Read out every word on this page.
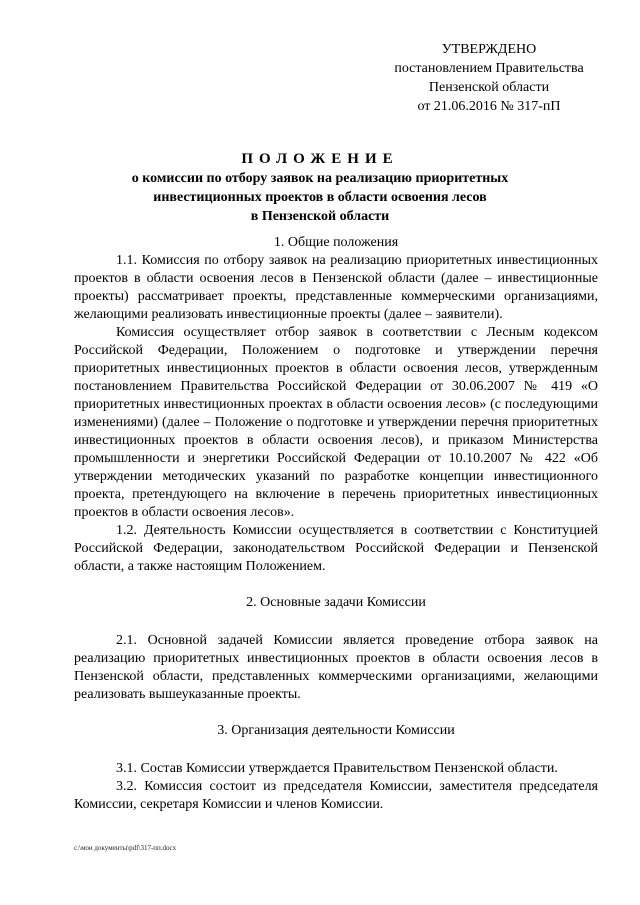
УТВЕРЖДЕНО
постановлением Правительства
Пензенской области
от 21.06.2016 № 317-пП
ПОЛОЖЕНИЕ
о комиссии по отбору заявок на реализацию приоритетных
инвестиционных проектов в области освоения лесов
в Пензенской области
1. Общие положения

1.1. Комиссия по отбору заявок на реализацию приоритетных инвестиционных проектов в области освоения лесов в Пензенской области (далее – инвестиционные проекты) рассматривает проекты, представленные коммерческими организациями, желающими реализовать инвестиционные проекты (далее – заявители).

Комиссия осуществляет отбор заявок в соответствии с Лесным кодексом Российской Федерации, Положением о подготовке и утверждении перечня приоритетных инвестиционных проектов в области освоения лесов, утвержденным постановлением Правительства Российской Федерации от 30.06.2007 № 419 «О приоритетных инвестиционных проектах в области освоения лесов» (с последующими изменениями) (далее – Положение о подготовке и утверждении перечня приоритетных инвестиционных проектов в области освоения лесов), и приказом Министерства промышленности и энергетики Российской Федерации от 10.10.2007 № 422 «Об утверждении методических указаний по разработке концепции инвестиционного проекта, претендующего на включение в перечень приоритетных инвестиционных проектов в области освоения лесов».

1.2. Деятельность Комиссии осуществляется в соответствии с Конституцией Российской Федерации, законодательством Российской Федерации и Пензенской области, а также настоящим Положением.

2. Основные задачи Комиссии

2.1. Основной задачей Комиссии является проведение отбора заявок на реализацию приоритетных инвестиционных проектов в области освоения лесов в Пензенской области, представленных коммерческими организациями, желающими реализовать вышеуказанные проекты.

3. Организация деятельности Комиссии

3.1. Состав Комиссии утверждается Правительством Пензенской области.

3.2. Комиссия состоит из председателя Комиссии, заместителя председателя Комиссии, секретаря Комиссии и членов Комиссии.

с:\мои документы\pdf\317-пп.docx
